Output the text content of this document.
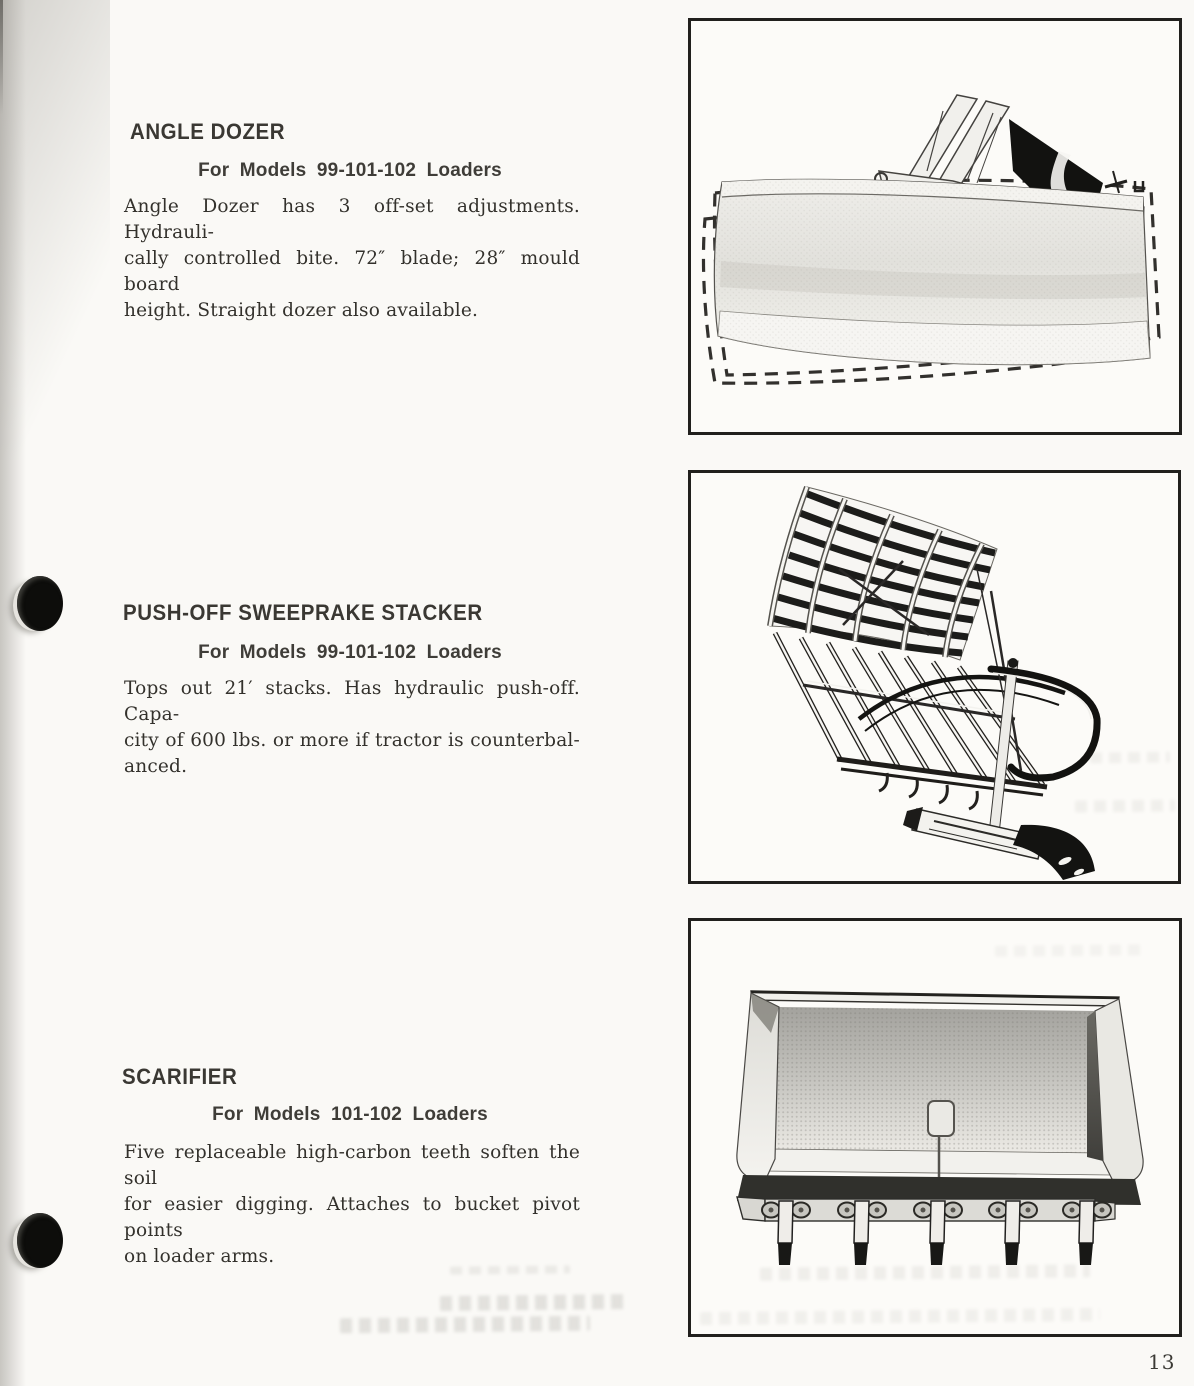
ANGLE DOZER
For Models 99-101-102 Loaders
Angle Dozer has 3 off-set adjustments. Hydrauli-
cally controlled bite. 72″ blade; 28″ mould board
height. Straight dozer also available.
PUSH-OFF SWEEPRAKE STACKER
For Models 99-101-102 Loaders
Tops out 21′ stacks. Has hydraulic push-off. Capa-
city of 600 lbs. or more if tractor is counterbal-
anced.
SCARIFIER
For Models 101-102 Loaders
Five replaceable high-carbon teeth soften the soil
for easier digging. Attaches to bucket pivot points
on loader arms.
13
